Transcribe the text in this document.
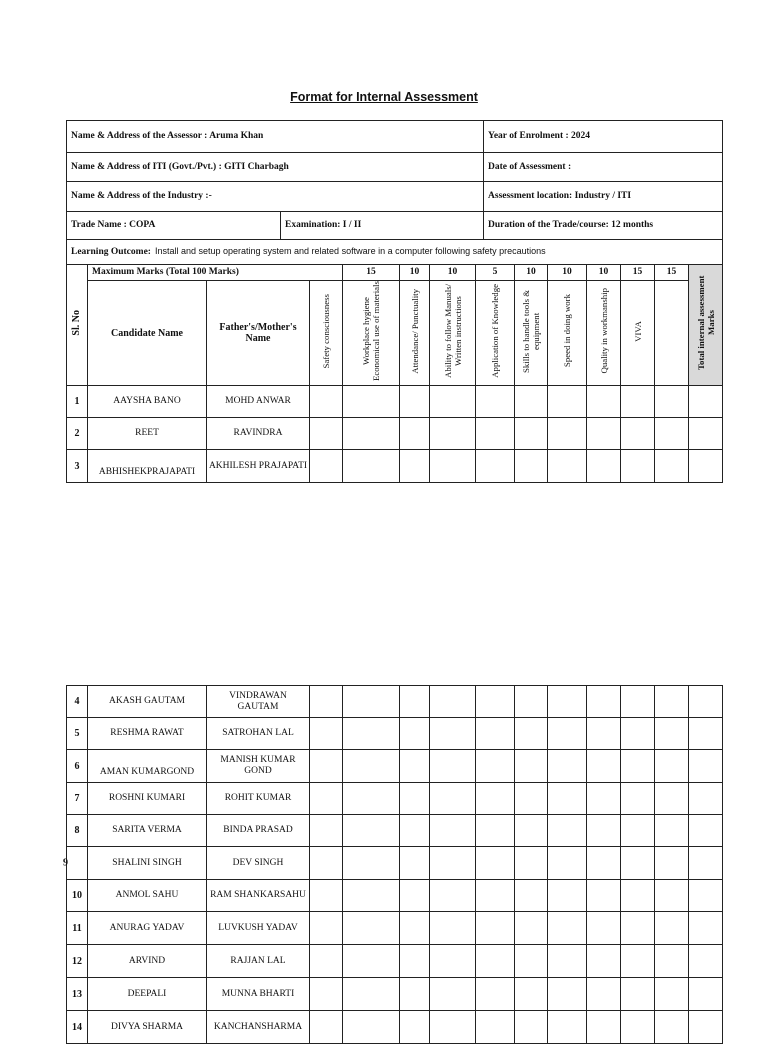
Format for Internal Assessment
Name & Address of the Assessor : Aruma Khan		Year of Enrolment : 2024
Name & Address of ITI (Govt./Pvt.) : GITI Charbagh		Date of Assessment :
Name & Address of the Industry :-		Assessment location: Industry / ITI
Trade Name : COPA	Examination: I / II	Duration of the Trade/course: 12 months
Learning Outcome: Install and setup operating system and related software in a computer following safety precautions		
Sl. No	Maximum Marks (Total 100 Marks)			15	10	10	5	10	10	10	15	15	Total internal assessment Marks	
	Candidate Name	Father's/Mother's Name	Safety consciousness	Workplace hygiene Economical use of materials	Attendance/ Punctuality	Ability to follow Manuals/ Written instructions	Application of Knowledge	Skills to handle tools & equipment	Speed in doing work	Quality in workmanship	VIVA			
1	AAYSHA BANO	MOHD ANWAR												
2	REET	RAVINDRA												
3	ABHISHEKPRAJAPATI	AKHILESH PRAJAPATI												
4	AKASH GAUTAM	VINDRAWAN GAUTAM											
5	RESHMA RAWAT	SATROHAN LAL											
6	AMAN KUMARGOND	MANISH KUMAR GOND											
7	ROSHNI KUMARI	ROHIT KUMAR											
8	SARITA VERMA	BINDA PRASAD											

9	SHALINI SINGH	DEV SINGH											
10	ANMOL SAHU	RAM SHANKARSAHU											
11	ANURAG YADAV	LUVKUSH YADAV											
12	ARVIND	RAJJAN LAL											
13	DEEPALI	MUNNA BHARTI											
14	DIVYA SHARMA	KANCHANSHARMA											
